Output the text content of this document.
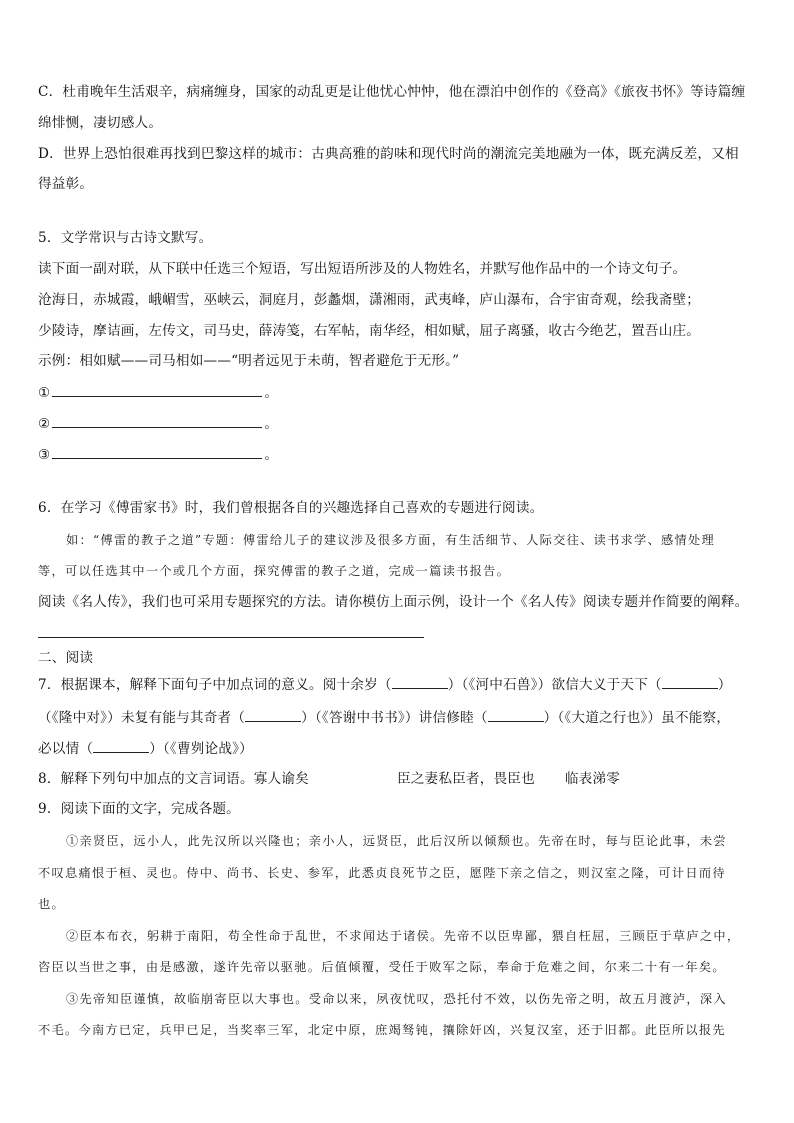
C．杜甫晚年生活艰辛，病痛缠身，国家的动乱更是让他忧心忡忡，他在漂泊中创作的《登高》《旅夜书怀》等诗篇缠
绵悱恻，凄切感人。
D．世界上恐怕很难再找到巴黎这样的城市：古典高雅的韵味和现代时尚的潮流完美地融为一体，既充满反差，又相
得益彰。
5．文学常识与古诗文默写。
读下面一副对联，从下联中任选三个短语，写出短语所涉及的人物姓名，并默写他作品中的一个诗文句子。
沧海日，赤城霞，峨嵋雪，巫峡云，洞庭月，彭蠡烟，潇湘雨，武夷峰，庐山瀑布，合宇宙奇观，绘我斋壁；
少陵诗，摩诘画，左传文，司马史，薛涛笺，右军帖，南华经，相如赋，屈子离骚，收古今绝艺，置吾山庄。
示例：相如赋——司马相如——“明者远见于未萌，智者避危于无形。”
①	。
②	。
③	。
6．在学习《傅雷家书》时，我们曾根据各自的兴趣选择自己喜欢的专题进行阅读。
如：“傅雷的教子之道”专题：傅雷给儿子的建议涉及很多方面，有生活细节、人际交往、读书求学、感情处理
等，可以任选其中一个或几个方面，探究傅雷的教子之道，完成一篇读书报告。
阅读《名人传》，我们也可采用专题探究的方法。请你模仿上面示例，设计一个《名人传》阅读专题并作简要的阐释。
二、阅读
7．根据课本，解释下面句子中加点词的意义。阅十余岁（	）（《河中石兽》）欲信大义于天下（	）
（《隆中对》）未复有能与其奇者（	）（《答谢中书书》）讲信修睦（	）（《大道之行也》）虽不能察，
必以情（	）（《曹刿论战》）
8．解释下列句中加点的文言词语。寡人谕矣	臣之妻私臣者，畏臣也 临表涕零
9．阅读下面的文字，完成各题。
①亲贤臣，远小人，此先汉所以兴隆也；亲小人，远贤臣，此后汉所以倾颓也。先帝在时，每与臣论此事，未尝
不叹息痛恨于桓、灵也。侍中、尚书、长史、参军，此悉贞良死节之臣，愿陛下亲之信之，则汉室之隆，可计日而待
也。
②臣本布衣，躬耕于南阳，苟全性命于乱世，不求闻达于诸侯。先帝不以臣卑鄙，猥自枉屈，三顾臣于草庐之中，
咨臣以当世之事，由是感激，遂许先帝以驱驰。后值倾覆，受任于败军之际，奉命于危难之间，尔来二十有一年矣。
③先帝知臣谨慎，故临崩寄臣以大事也。受命以来，夙夜忧叹，恐托付不效，以伤先帝之明，故五月渡泸，深入
不毛。今南方已定，兵甲已足，当奖率三军，北定中原，庶竭驽钝，攘除奸凶，兴复汉室，还于旧都。此臣所以报先
